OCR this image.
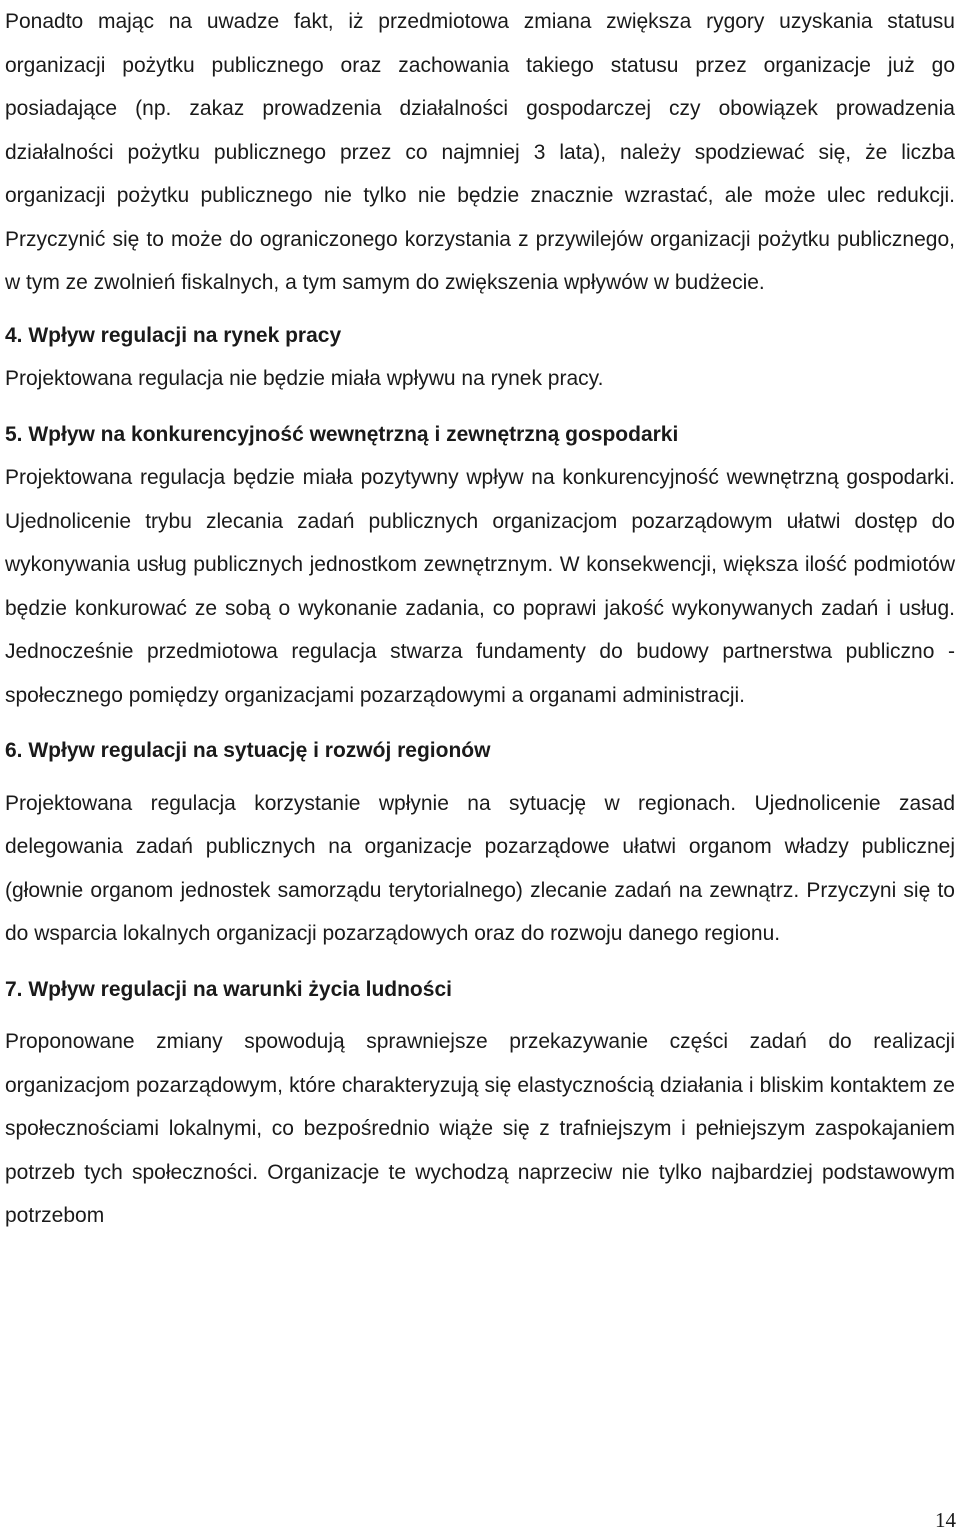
Ponadto mając na uwadze fakt, iż przedmiotowa zmiana zwiększa rygory uzyskania statusu organizacji pożytku publicznego oraz zachowania takiego statusu przez organizacje już go posiadające (np. zakaz prowadzenia działalności gospodarczej czy obowiązek prowadzenia działalności pożytku publicznego przez co najmniej 3 lata), należy spodziewać się, że liczba organizacji pożytku publicznego nie tylko nie będzie znacznie wzrastać, ale może ulec redukcji. Przyczynić się to może do ograniczonego korzystania z przywilejów organizacji pożytku publicznego, w tym ze zwolnień fiskalnych, a tym samym do zwiększenia wpływów w budżecie.

4. Wpływ regulacji na rynek pracy

Projektowana regulacja nie będzie miała wpływu na rynek pracy.

5. Wpływ na konkurencyjność wewnętrzną i zewnętrzną gospodarki

Projektowana regulacja będzie miała pozytywny wpływ na konkurencyjność wewnętrzną gospodarki. Ujednolicenie trybu zlecania zadań publicznych organizacjom pozarządowym ułatwi dostęp do wykonywania usług publicznych jednostkom zewnętrznym. W konsekwencji, większa ilość podmiotów będzie konkurować ze sobą o wykonanie zadania, co poprawi jakość wykonywanych zadań i usług. Jednocześnie przedmiotowa regulacja stwarza fundamenty do budowy partnerstwa publiczno - społecznego pomiędzy organizacjami pozarządowymi a organami administracji.

6. Wpływ regulacji na sytuację i rozwój regionów

Projektowana regulacja korzystanie wpłynie na sytuację w regionach. Ujednolicenie zasad delegowania zadań publicznych na organizacje pozarządowe ułatwi organom władzy publicznej (głownie organom jednostek samorządu terytorialnego) zlecanie zadań na zewnątrz. Przyczyni się to do wsparcia lokalnych organizacji pozarządowych oraz do rozwoju danego regionu.

7. Wpływ regulacji na warunki życia ludności

Proponowane zmiany spowodują sprawniejsze przekazywanie części zadań do realizacji organizacjom pozarządowym, które charakteryzują się elastycznością działania i bliskim kontaktem ze społecznościami lokalnymi, co bezpośrednio wiąże się z trafniejszym i pełniejszym zaspokajaniem potrzeb tych społeczności. Organizacje te wychodzą naprzeciw nie tylko najbardziej podstawowym potrzebom

14
